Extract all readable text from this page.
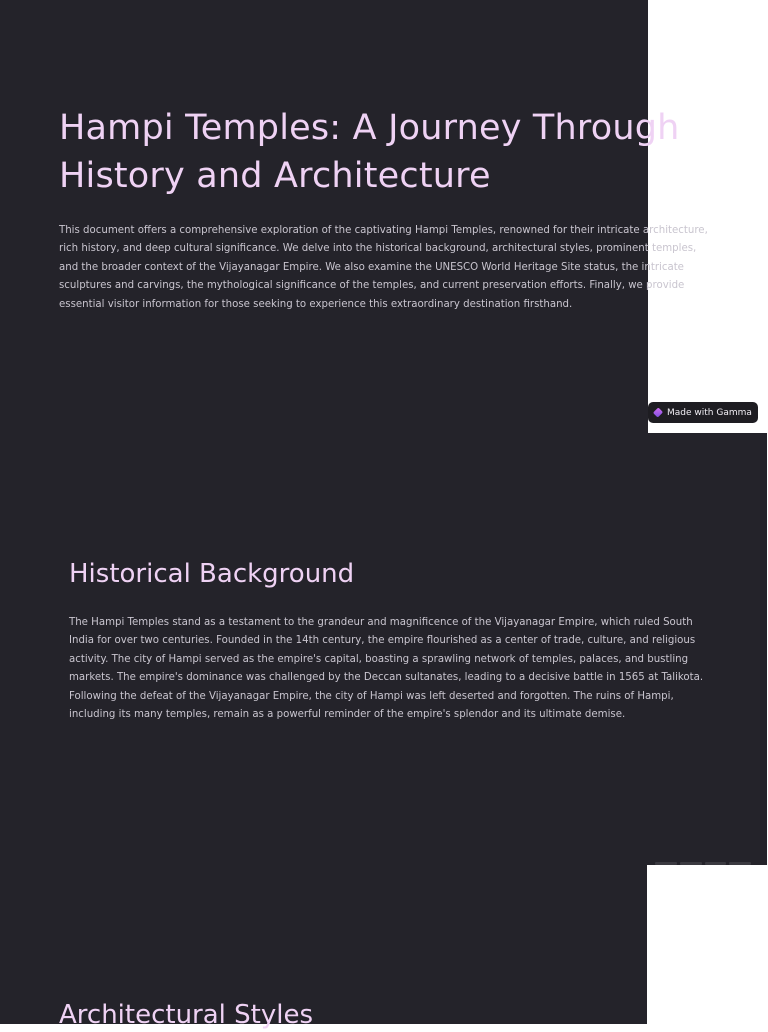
Hampi Temples: A Journey Through History and Architecture

This document offers a comprehensive exploration of the captivating Hampi Temples, renowned for their intricate architecture, rich history, and deep cultural significance. We delve into the historical background, architectural styles, prominent temples, and the broader context of the Vijayanagar Empire. We also examine the UNESCO World Heritage Site status, the intricate sculptures and carvings, the mythological significance of the temples, and current preservation efforts. Finally, we provide essential visitor information for those seeking to experience this extraordinary destination firsthand.

Made with Gamma
Historical Background

The Hampi Temples stand as a testament to the grandeur and magnificence of the Vijayanagar Empire, which ruled South India for over two centuries. Founded in the 14th century, the empire flourished as a center of trade, culture, and religious activity. The city of Hampi served as the empire's capital, boasting a sprawling network of temples, palaces, and bustling markets. The empire's dominance was challenged by the Deccan sultanates, leading to a decisive battle in 1565 at Talikota. Following the defeat of the Vijayanagar Empire, the city of Hampi was left deserted and forgotten. The ruins of Hampi, including its many temples, remain as a powerful reminder of the empire's splendor and its ultimate demise.

Architectural Styles
